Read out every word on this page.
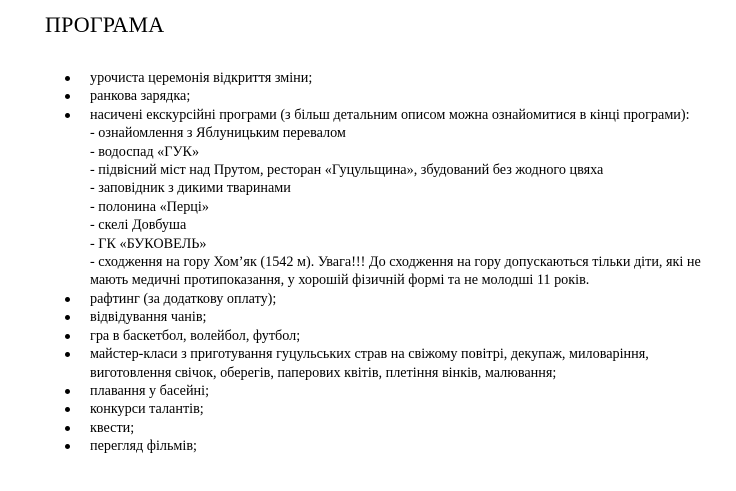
ПРОГРАМА
урочиста церемонія відкриття зміни;
ранкова зарядка;
насичені екскурсійні програми (з більш детальним описом можна ознайомитися в кінці програми):
- ознайомлення з Яблуницьким перевалом
- водоспад «ГУК»
- підвісний міст над Прутом, ресторан «Гуцульщина», збудований без жодного цвяха
- заповідник з дикими тваринами
- полонина «Перці»
- скелі Довбуша
- ГК «БУКОВЕЛЬ»
- сходження на гору Хом’як (1542 м). Увага!!! До сходження на гору допускаються тільки діти, які не мають медичні протипоказання, у хорошій фізичній формі та не молодші 11 років.
рафтинг (за додаткову оплату);
відвідування чанів;
гра в баскетбол, волейбол, футбол;
майстер-класи з приготування гуцульських страв на свіжому повітрі, декупаж, миловаріння, виготовлення свічок, оберегів, паперових квітів, плетіння вінків, малювання;
плавання у басейні;
конкурси талантів;
квести;
перегляд фільмів;
